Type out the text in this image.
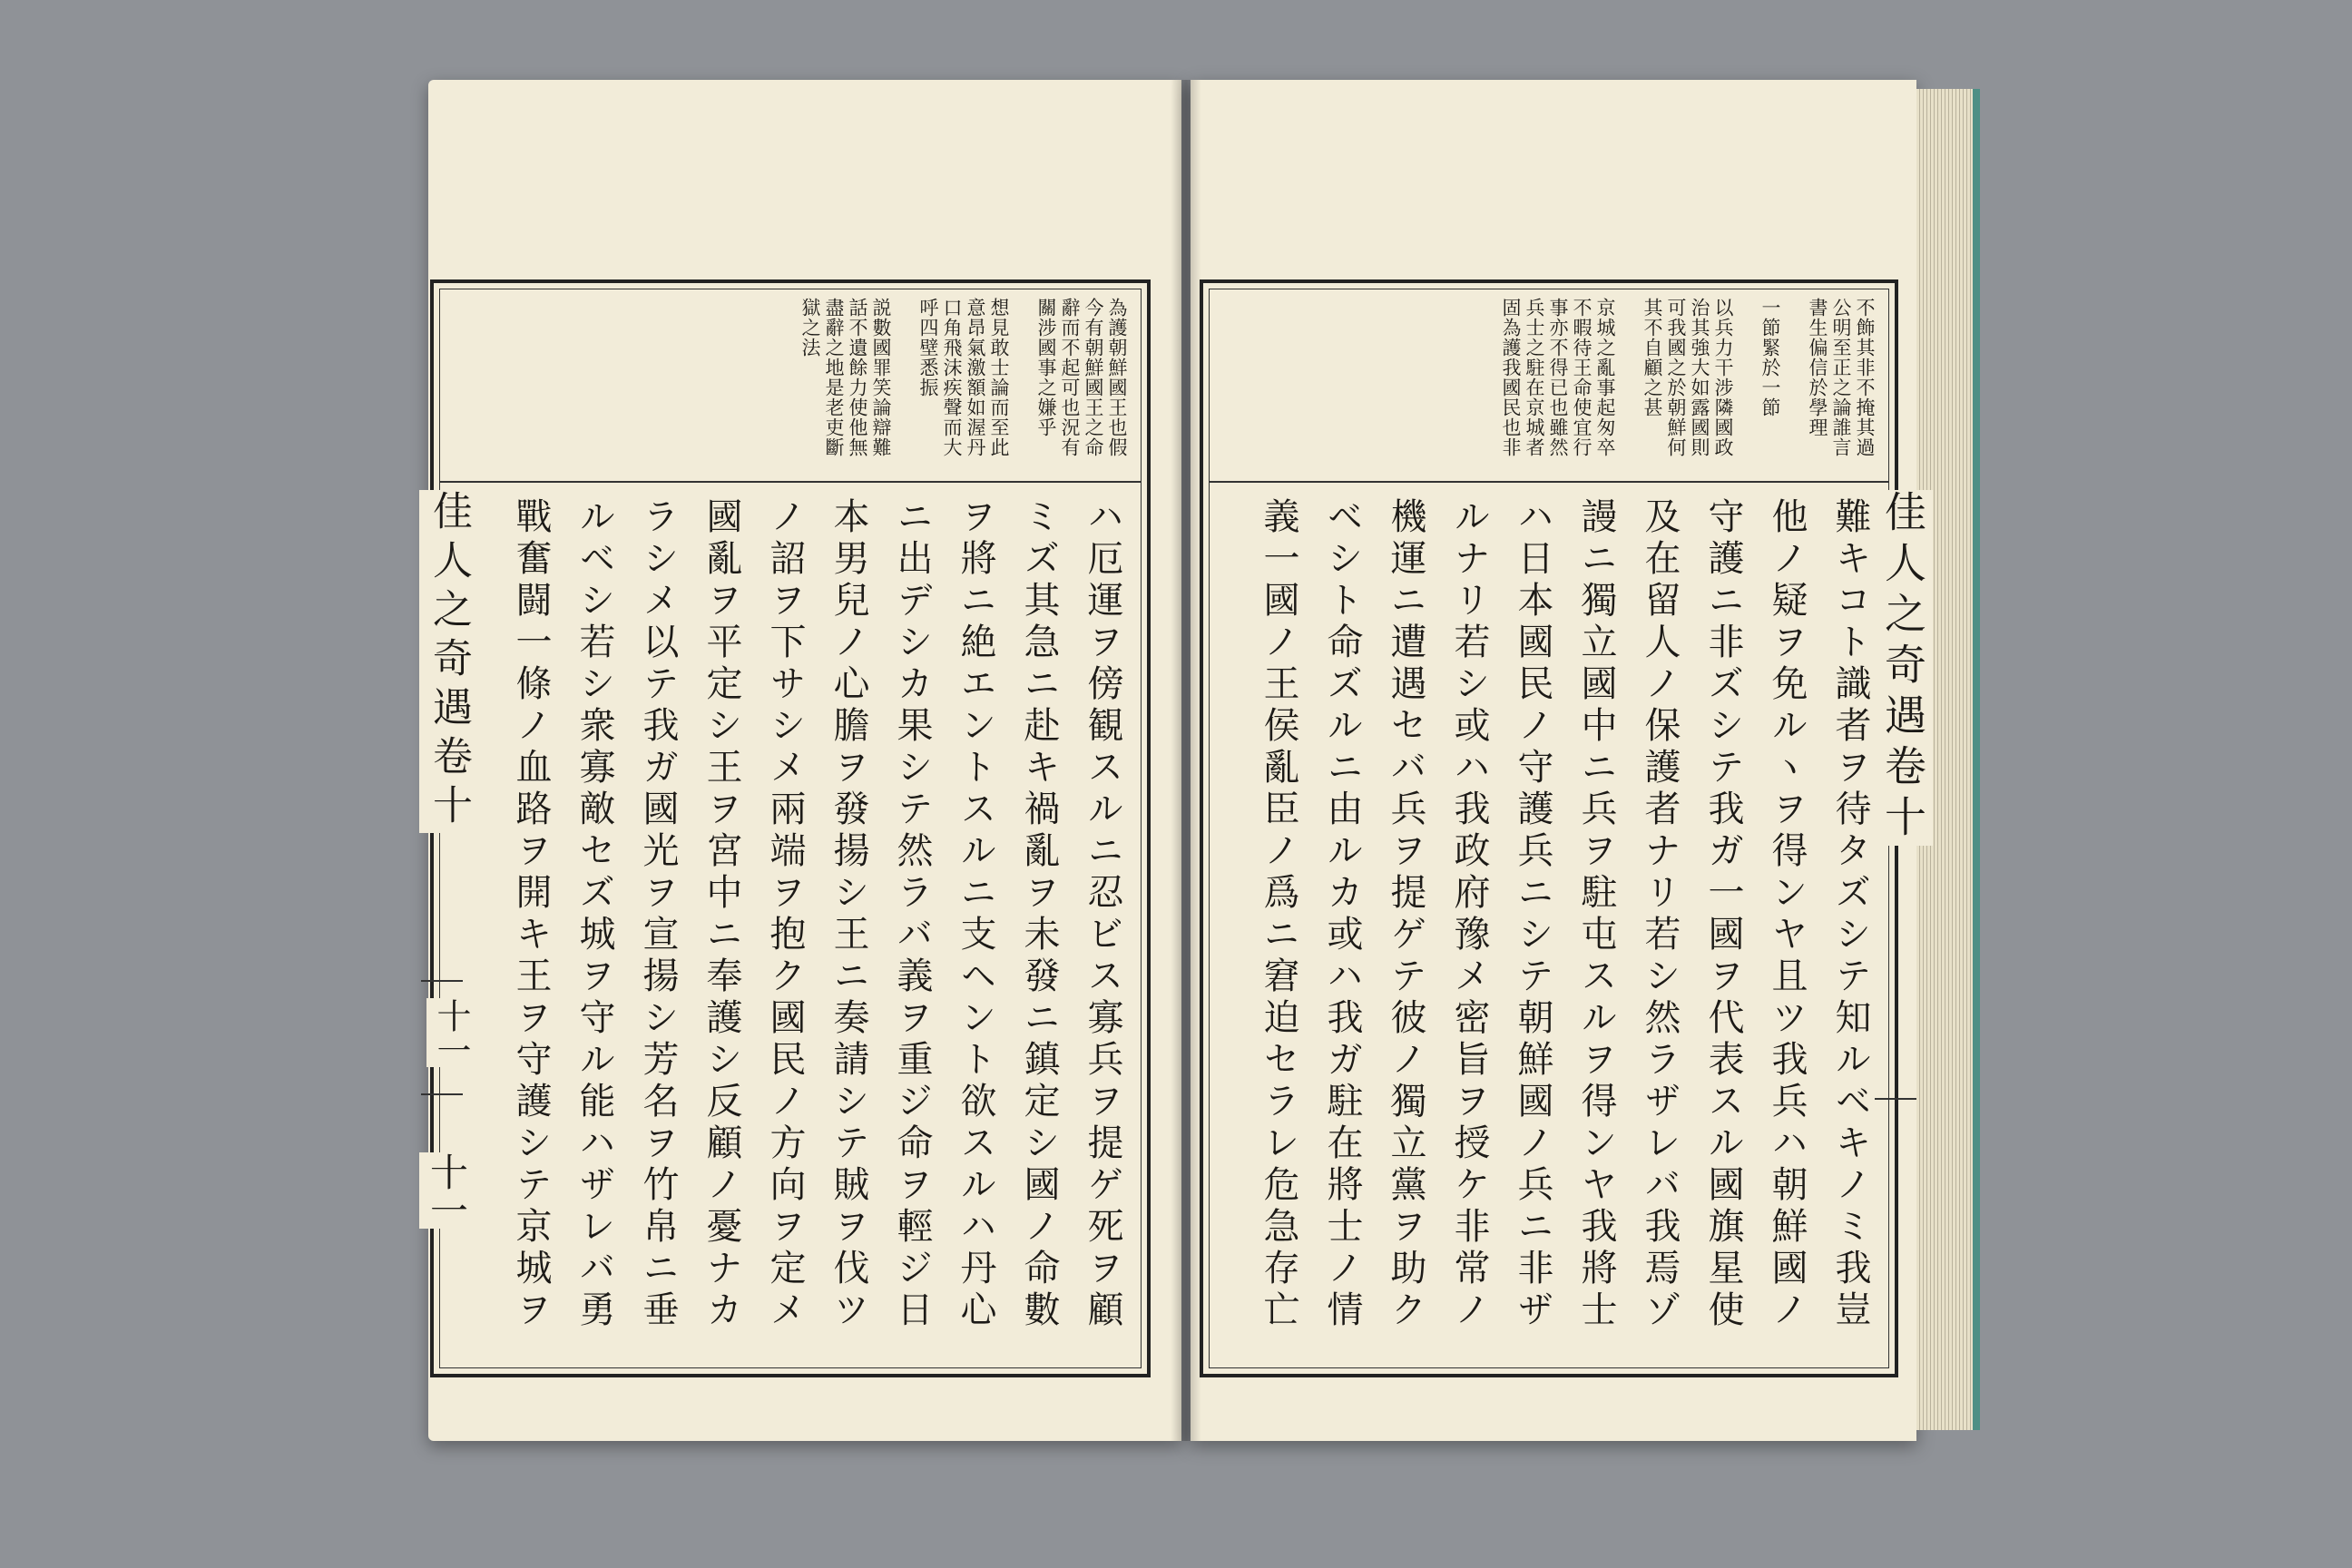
為護朝鮮國王也假
今有朝鮮國王之命
辭而不起可也況有
關涉國事之嫌乎

想見敢士論而至此
意昂氣激額如渥丹
口角飛沫疾聲而大
呼四壁悉振

説數國罪笑論辯難
話不遺餘力使他無
盡辭之地是老吏斷
獄之法
ハ厄運ヲ傍観スルニ忍ビス寡兵ヲ提ゲ死ヲ顧
ミズ其急ニ赴キ禍亂ヲ未發ニ鎮定シ國ノ命數
ヲ將ニ絶エントスルニ支ヘント欲スルハ丹心
ニ出デシカ果シテ然ラバ義ヲ重ジ命ヲ輕ジ日
本男兒ノ心膽ヲ發揚シ王ニ奏請シテ賊ヲ伐ツ
ノ詔ヲ下サシメ兩端ヲ抱ク國民ノ方向ヲ定メ
國亂ヲ平定シ王ヲ宮中ニ奉護シ反顧ノ憂ナカ
ラシメ以テ我ガ國光ヲ宣揚シ芳名ヲ竹帛ニ垂
ルベシ若シ衆寡敵セズ城ヲ守ル能ハザレバ勇
戰奮闘一條ノ血路ヲ開キ王ヲ守護シテ京城ヲ
佳人之奇遇卷十
十一
十一
不飾其非不掩其過
公明至正之論誰言
書生偏信於學理

一節緊於一節

以兵力干涉隣國政
治其強大如露國則
可我國之於朝鮮何
其不自顧之甚

京城之亂事起匆卒
不暇待王命使宜行
事亦不得已也雖然
兵士之駐在京城者
固為護我國民也非
難キコト識者ヲ待タズシテ知ルベキノミ我豈
他ノ疑ヲ免ルヽヲ得ンヤ且ツ我兵ハ朝鮮國ノ
守護ニ非ズシテ我ガ一國ヲ代表スル國旗星使
及在留人ノ保護者ナリ若シ然ラザレバ我焉ゾ
謾ニ獨立國中ニ兵ヲ駐屯スルヲ得ンヤ我將士
ハ日本國民ノ守護兵ニシテ朝鮮國ノ兵ニ非ザ
ルナリ若シ或ハ我政府豫メ密旨ヲ授ケ非常ノ
機運ニ遭遇セバ兵ヲ提ゲテ彼ノ獨立黨ヲ助ク
ベシト命ズルニ由ルカ或ハ我ガ駐在將士ノ情
義一國ノ王侯亂臣ノ爲ニ窘迫セラレ危急存亡	佳人之奇遇卷十
